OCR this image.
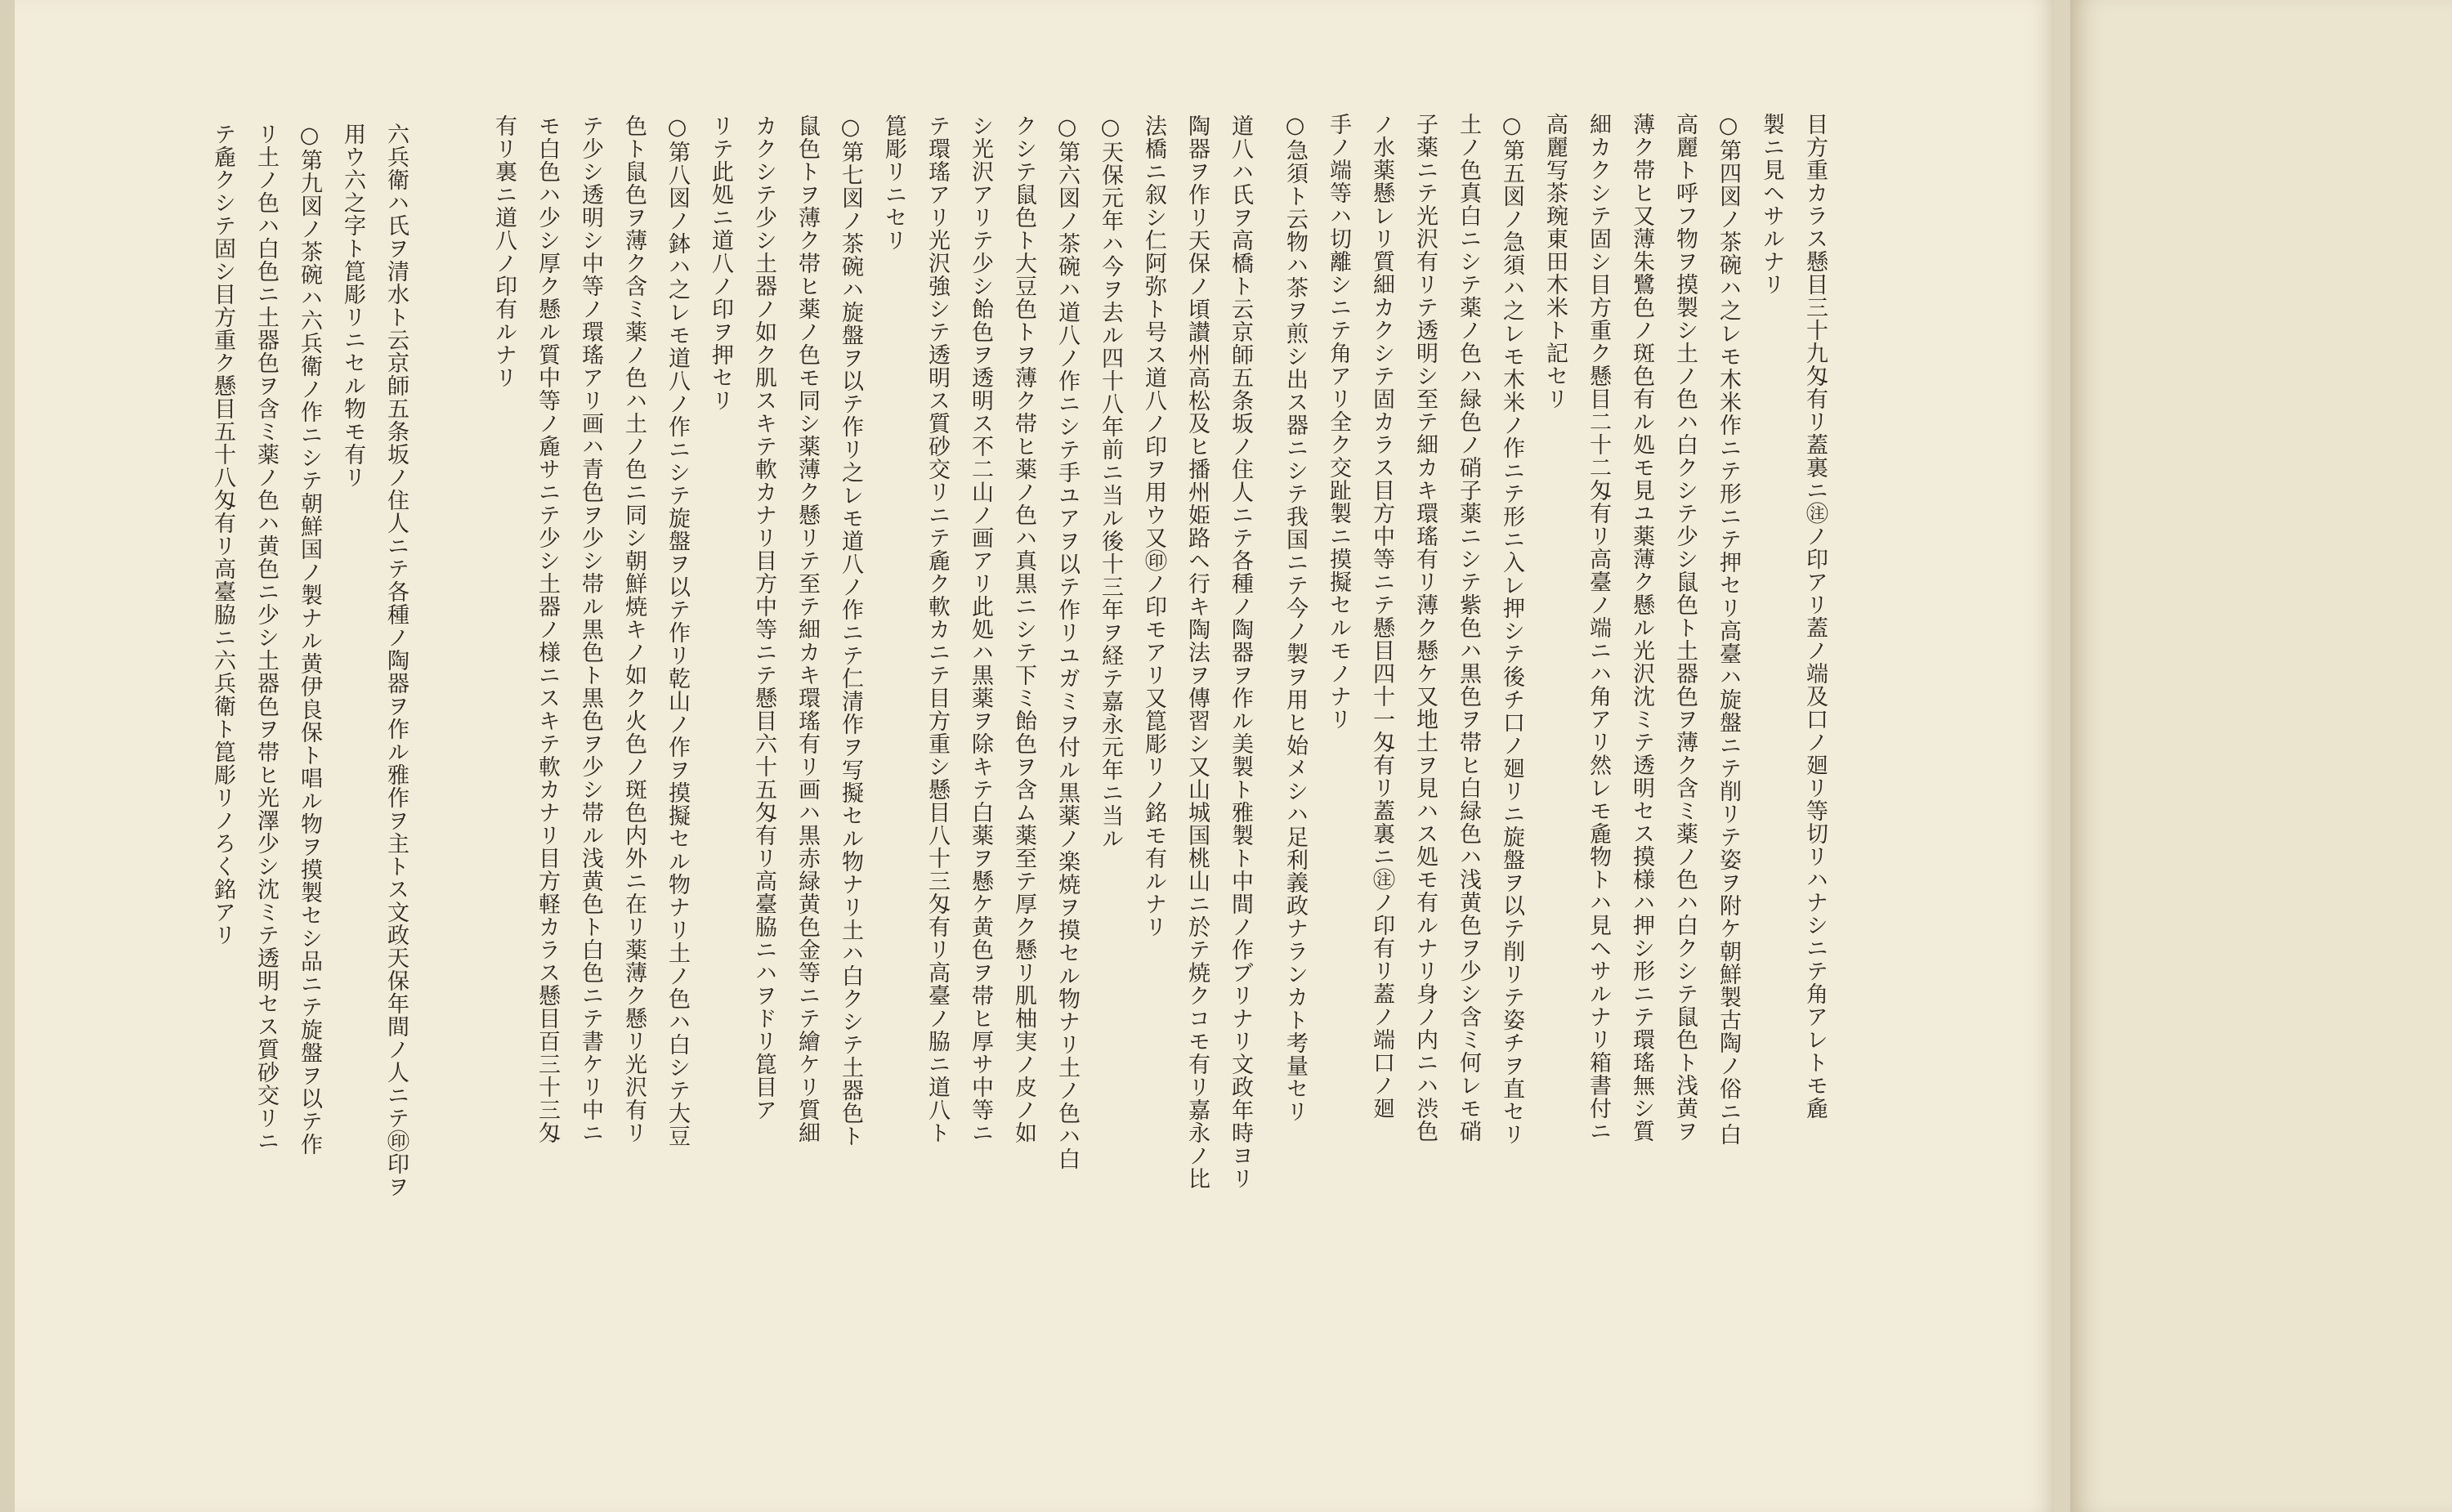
目方重カラス懸目三十九匁有リ蓋裏ニ㊟ノ印アリ蓋ノ端及口ノ廻リ等切リハナシニテ角アレトモ麁
製ニ見ヘサルナリ
○第四図ノ茶碗ハ之レモ木米作ニテ形ニテ押セリ高臺ハ旋盤ニテ削リテ姿ヲ附ケ朝鮮製古陶ノ俗ニ白
高麗ト呼フ物ヲ摸製シ土ノ色ハ白クシテ少シ鼠色ト土器色ヲ薄ク含ミ薬ノ色ハ白クシテ鼠色ト浅黄ヲ
薄ク帯ヒ又薄朱鷺色ノ斑色有ル処モ見ユ薬薄ク懸ル光沢沈ミテ透明セス摸様ハ押シ形ニテ環瑤無シ質
細カクシテ固シ目方重ク懸目二十二匁有リ高臺ノ端ニハ角アリ然レモ麁物トハ見ヘサルナリ箱書付ニ
高麗写茶琬東田木米ト記セリ
○第五図ノ急須ハ之レモ木米ノ作ニテ形ニ入レ押シテ後チ口ノ廻リニ旋盤ヲ以テ削リテ姿チヲ直セリ
土ノ色真白ニシテ薬ノ色ハ緑色ノ硝子薬ニシテ紫色ハ黒色ヲ帯ヒ白緑色ハ浅黄色ヲ少シ含ミ何レモ硝
子薬ニテ光沢有リテ透明シ至テ細カキ環瑤有リ薄ク懸ケ又地土ヲ見ハス処モ有ルナリ身ノ内ニハ渋色
ノ水薬懸レリ質細カクシテ固カラス目方中等ニテ懸目四十一匁有リ蓋裏ニ㊟ノ印有リ蓋ノ端口ノ廻
手ノ端等ハ切離シニテ角アリ全ク交趾製ニ摸擬セルモノナリ
○急須ト云物ハ茶ヲ煎シ出ス器ニシテ我国ニテ今ノ製ヲ用ヒ始メシハ足利義政ナランカト考量セリ
道八ハ氏ヲ高橋ト云京師五条坂ノ住人ニテ各種ノ陶器ヲ作ル美製ト雅製ト中間ノ作ブリナリ文政年時ヨリ
陶器ヲ作リ天保ノ頃讃州高松及ヒ播州姫路ヘ行キ陶法ヲ傳習シ又山城国桃山ニ於テ焼クコモ有リ嘉永ノ比
法橋ニ叙シ仁阿弥ト号ス道八ノ印ヲ用ウ又㊞ノ印モアリ又箟彫リノ銘モ有ルナリ
○天保元年ハ今ヲ去ル四十八年前ニ当ル後十三年ヲ経テ嘉永元年ニ当ル
○第六図ノ茶碗ハ道八ノ作ニシテ手ユアヲ以テ作リユガミヲ付ル黒薬ノ楽焼ヲ摸セル物ナリ土ノ色ハ白
クシテ鼠色ト大豆色トヲ薄ク帯ヒ薬ノ色ハ真黒ニシテ下ミ飴色ヲ含ム薬至テ厚ク懸リ肌柚実ノ皮ノ如
シ光沢アリテ少シ飴色ヲ透明ス不二山ノ画アリ此処ハ黒薬ヲ除キテ白薬ヲ懸ケ黄色ヲ帯ヒ厚サ中等ニ
テ環瑤アリ光沢強シテ透明ス質砂交リニテ麁ク軟カニテ目方重シ懸目八十三匁有リ高臺ノ脇ニ道八ト
箟彫リニセリ
○第七図ノ茶碗ハ旋盤ヲ以テ作リ之レモ道八ノ作ニテ仁清作ヲ写擬セル物ナリ土ハ白クシテ土器色ト
鼠色トヲ薄ク帯ヒ薬ノ色モ同シ薬薄ク懸リテ至テ細カキ環瑤有リ画ハ黒赤緑黄色金等ニテ繪ケリ質細
カクシテ少シ土器ノ如ク肌スキテ軟カナリ目方中等ニテ懸目六十五匁有リ高臺脇ニハヲドリ箟目ア
リテ此処ニ道八ノ印ヲ押セリ
○第八図ノ鉢ハ之レモ道八ノ作ニシテ旋盤ヲ以テ作リ乾山ノ作ヲ摸擬セル物ナリ土ノ色ハ白シテ大豆
色ト鼠色ヲ薄ク含ミ薬ノ色ハ土ノ色ニ同シ朝鮮焼キノ如ク火色ノ斑色内外ニ在リ薬薄ク懸リ光沢有リ
テ少シ透明シ中等ノ環瑤アリ画ハ青色ヲ少シ帯ル黒色ト黒色ヲ少シ帯ル浅黄色ト白色ニテ書ケリ中ニ
モ白色ハ少シ厚ク懸ル質中等ノ麁サニテ少シ土器ノ様ニスキテ軟カナリ目方軽カラス懸目百三十三匁
有リ裏ニ道八ノ印有ルナリ
六兵衛ハ氏ヲ清水ト云京師五条坂ノ住人ニテ各種ノ陶器ヲ作ル雅作ヲ主トス文政天保年間ノ人ニテ㊞印ヲ
用ウ六之字ト箟彫リニセル物モ有リ
○第九図ノ茶碗ハ六兵衛ノ作ニシテ朝鮮国ノ製ナル黄伊良保ト唱ル物ヲ摸製セシ品ニテ旋盤ヲ以テ作
リ土ノ色ハ白色ニ土器色ヲ含ミ薬ノ色ハ黄色ニ少シ土器色ヲ帯ヒ光澤少シ沈ミテ透明セス質砂交リニ
テ麁クシテ固シ目方重ク懸目五十八匁有リ高臺脇ニ六兵衛ト箟彫リノろく銘アリ
